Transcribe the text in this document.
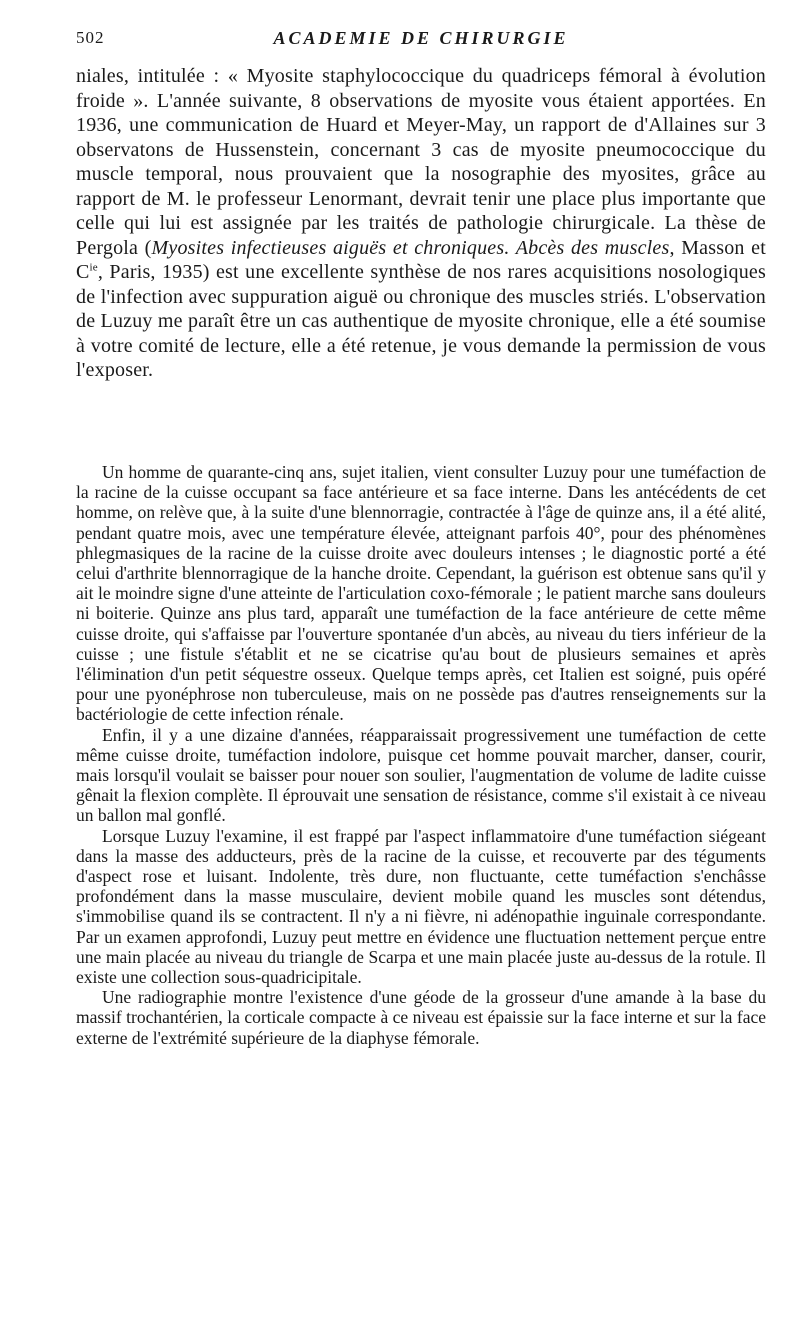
502	ACADEMIE DE CHIRURGIE

niales, intitulée : « Myosite staphylococcique du quadriceps fémoral à évolution froide ». L'année suivante, 8 observations de myosite vous étaient apportées. En 1936, une communication de Huard et Meyer-May, un rapport de d'Allaines sur 3 observatons de Hussenstein, concernant 3 cas de myosite pneumococcique du muscle temporal, nous prouvaient que la nosographie des myosites, grâce au rapport de M. le professeur Lenormant, devrait tenir une place plus importante que celle qui lui est assignée par les traités de pathologie chirurgicale. La thèse de Pergola (Myosites infectieuses aiguës et chroniques. Abcès des muscles, Masson et $C^{ie}$, Paris, 1935) est une excellente synthèse de nos rares acquisitions nosologiques de l'infection avec suppuration aiguë ou chronique des muscles striés. L'observation de Luzuy me paraît être un cas authentique de myosite chronique, elle a été soumise à votre comité de lecture, elle a été retenue, je vous demande la permission de vous l'exposer.

Un homme de quarante-cinq ans, sujet italien, vient consulter Luzuy pour une tuméfaction de la racine de la cuisse occupant sa face antérieure et sa face interne. Dans les antécédents de cet homme, on relève que, à la suite d'une blennorragie, contractée à l'âge de quinze ans, il a été alité, pendant quatre mois, avec une température élevée, atteignant parfois 40°, pour des phénomènes phlegmasiques de la racine de la cuisse droite avec douleurs intenses ; le diagnostic porté a été celui d'arthrite blennorragique de la hanche droite. Cependant, la guérison est obtenue sans qu'il y ait le moindre signe d'une atteinte de l'articulation coxo-fémorale ; le patient marche sans douleurs ni boiterie. Quinze ans plus tard, apparaît une tuméfaction de la face antérieure de cette même cuisse droite, qui s'affaisse par l'ouverture spontanée d'un abcès, au niveau du tiers inférieur de la cuisse ; une fistule s'établit et ne se cicatrise qu'au bout de plusieurs semaines et après l'élimination d'un petit séquestre osseux. Quelque temps après, cet Italien est soigné, puis opéré pour une pyonéphrose non tuberculeuse, mais on ne possède pas d'autres renseignements sur la bactériologie de cette infection rénale.

Enfin, il y a une dizaine d'années, réapparaissait progressivement une tuméfaction de cette même cuisse droite, tuméfaction indolore, puisque cet homme pouvait marcher, danser, courir, mais lorsqu'il voulait se baisser pour nouer son soulier, l'augmentation de volume de ladite cuisse gênait la flexion complète. Il éprouvait une sensation de résistance, comme s'il existait à ce niveau un ballon mal gonflé.

Lorsque Luzuy l'examine, il est frappé par l'aspect inflammatoire d'une tuméfaction siégeant dans la masse des adducteurs, près de la racine de la cuisse, et recouverte par des téguments d'aspect rose et luisant. Indolente, très dure, non fluctuante, cette tuméfaction s'enchâsse profondément dans la masse musculaire, devient mobile quand les muscles sont détendus, s'immobilise quand ils se contractent. Il n'y a ni fièvre, ni adénopathie inguinale correspondante. Par un examen approfondi, Luzuy peut mettre en évidence une fluctuation nettement perçue entre une main placée au niveau du triangle de Scarpa et une main placée juste au-dessus de la rotule. Il existe une collection sous-quadricipitale.

Une radiographie montre l'existence d'une géode de la grosseur d'une amande à la base du massif trochantérien, la corticale compacte à ce niveau est épaissie sur la face interne et sur la face externe de l'extrémité supérieure de la diaphyse fémorale.
